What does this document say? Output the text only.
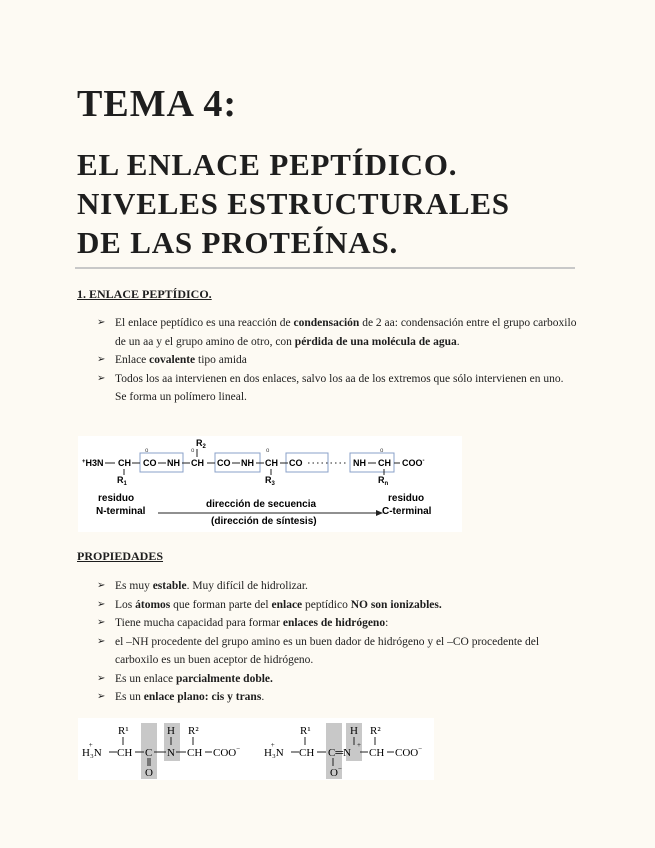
TEMA 4:
EL ENLACE PEPTÍDICO.
NIVELES ESTRUCTURALES
DE LAS PROTEÍNAS.
1. ENLACE PEPTÍDICO.
➢ El enlace peptídico es una reacción de condensación de 2 aa: condensación entre el grupo carboxilo de un aa y el grupo amino de otro, con pérdida de una molécula de agua.
➢ Enlace covalente tipo amida
➢ Todos los aa intervienen en dos enlaces, salvo los aa de los extremos que sólo intervienen en uno. Se forma un polímero lineal.
+H3N CH
$R_1$
CO
o
NH CH
$R_2$
o
CO NH CH
o
$R_3$
CO	NH CH
o
$R_n$
COO-
residuo
N-terminal
dirección de secuencia
(dirección de síntesis)
residuo
C-terminal
PROPIEDADES
➢ Es muy estable. Muy difícil de hidrolizar.
➢ Los átomos que forman parte del enlace peptídico NO son ionizables.
➢ Tiene mucha capacidad para formar enlaces de hidrógeno:
➢ el –NH procedente del grupo amino es un buen dador de hidrógeno y el –CO procedente del carboxilo es un buen aceptor de hidrógeno.
➢ Es un enlace parcialmente doble.
➢ Es un enlace plano: cis y trans.
R¹	H R²
H₃N+
CH C
O
N CH COO−
R¹	H R²
H₃N+
CH C═N
O−
+
CH COO−
